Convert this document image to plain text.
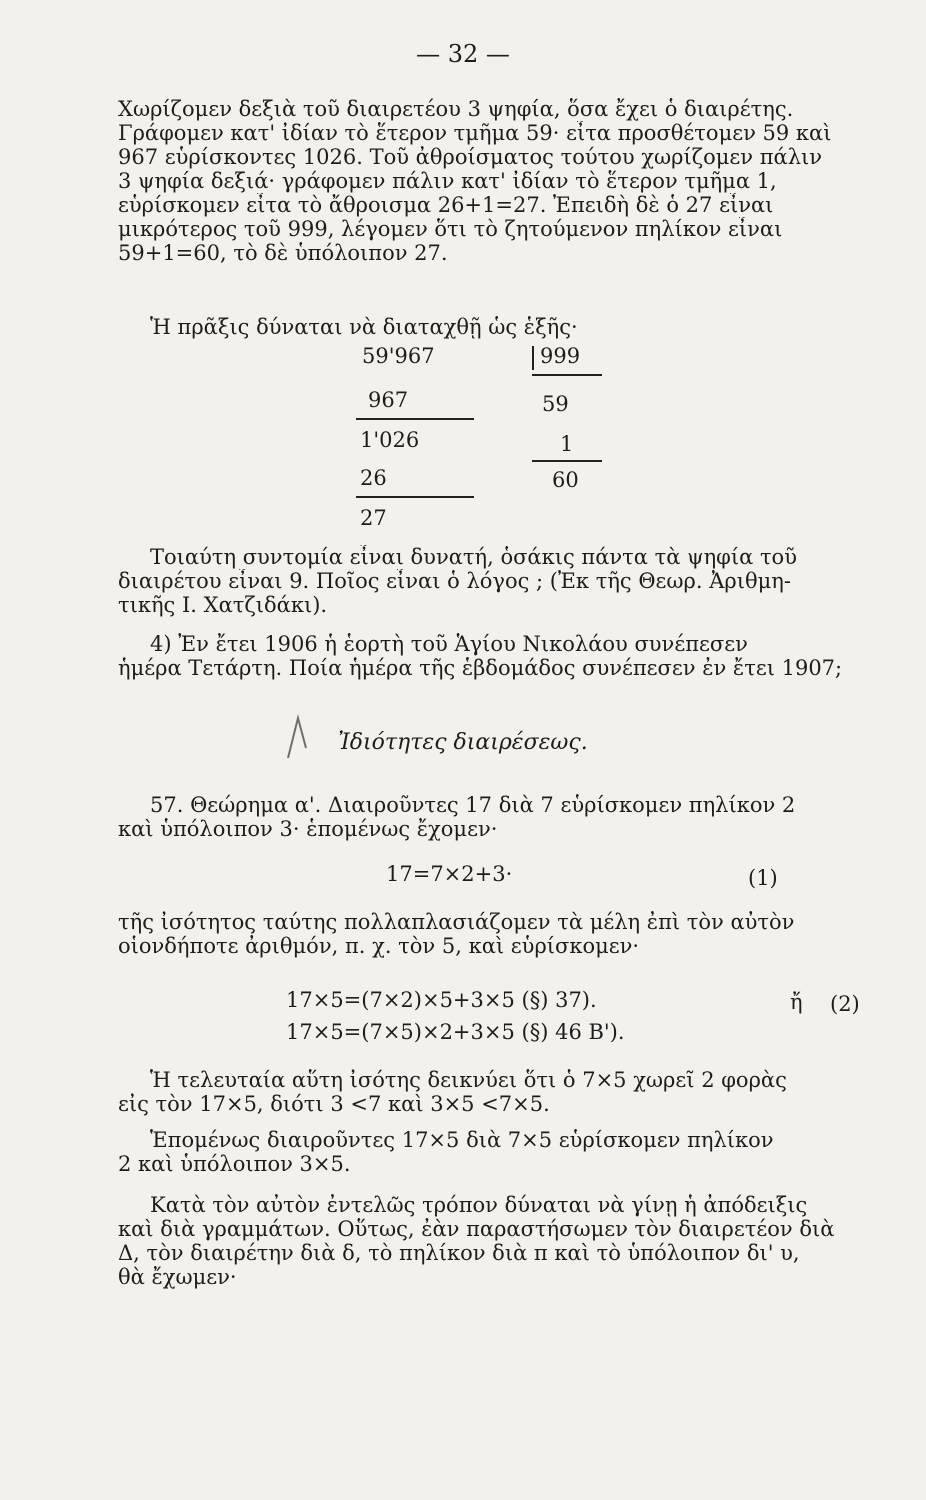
— 32 —
Χωρίζομεν δεξιὰ τοῦ διαιρετέου 3 ψηφία, ὅσα ἔχει ὁ διαιρέτης.
Γράφομεν κατ' ἰδίαν τὸ ἕτερον τμῆμα 59· εἶτα προσθέτομεν 59 καὶ
967 εὑρίσκοντες 1026. Τοῦ ἀθροίσματος τούτου χωρίζομεν πάλιν
3 ψηφία δεξιά· γράφομεν πάλιν κατ' ἰδίαν τὸ ἕτερον τμῆμα 1,
εὑρίσκομεν εἶτα τὸ ἄθροισμα 26+1=27. Ἐπειδὴ δὲ ὁ 27 εἶναι
μικρότερος τοῦ 999, λέγομεν ὅτι τὸ ζητούμενον πηλίκον εἶναι
59+1=60, τὸ δὲ ὑπόλοιπον 27.
Ἡ πρᾶξις δύναται νὰ διαταχθῇ ὡς ἑξῆς·
59'967	999
967	59
1'026	1
26	60
27
Τοιαύτη συντομία εἶναι δυνατή, ὁσάκις πάντα τὰ ψηφία τοῦ
διαιρέτου εἶναι 9. Ποῖος εἶναι ὁ λόγος ; (Ἐκ τῆς Θεωρ. Ἀριθμη-
τικῆς Ι. Χατζιδάκι).
4) Ἐν ἔτει 1906 ἡ ἑορτὴ τοῦ Ἁγίου Νικολάου συνέπεσεν
ἡμέρα Τετάρτη. Ποία ἡμέρα τῆς ἑβδομάδος συνέπεσεν ἐν ἔτει 1907;
Ἰδιότητες διαιρέσεως.
57. Θεώρημα α'. Διαιροῦντες 17 διὰ 7 εὑρίσκομεν πηλίκον 2
καὶ ὑπόλοιπον 3· ἑπομένως ἔχομεν·
17=7×2+3·	(1)
τῆς ἰσότητος ταύτης πολλαπλασιάζομεν τὰ μέλη ἐπὶ τὸν αὐτὸν
οἱονδήποτε ἀριθμόν, π. χ. τὸν 5, καὶ εὑρίσκομεν·
17×5=(7×2)×5+3×5 (§) 37).	ἤ (2)
17×5=(7×5)×2+3×5 (§) 46 Β').
Ἡ τελευταία αὕτη ἰσότης δεικνύει ὅτι ὁ 7×5 χωρεῖ 2 φορὰς
εἰς τὸν 17×5, διότι 3 <7 καὶ 3×5 <7×5.
Ἑπομένως διαιροῦντες 17×5 διὰ 7×5 εὑρίσκομεν πηλίκον
2 καὶ ὑπόλοιπον 3×5.
Κατὰ τὸν αὐτὸν ἐντελῶς τρόπον δύναται νὰ γίνῃ ἡ ἀπόδειξις
καὶ διὰ γραμμάτων. Οὕτως, ἐὰν παραστήσωμεν τὸν διαιρετέον διὰ
Δ, τὸν διαιρέτην διὰ δ, τὸ πηλίκον διὰ π καὶ τὸ ὑπόλοιπον δι' υ,
θὰ ἔχωμεν·
